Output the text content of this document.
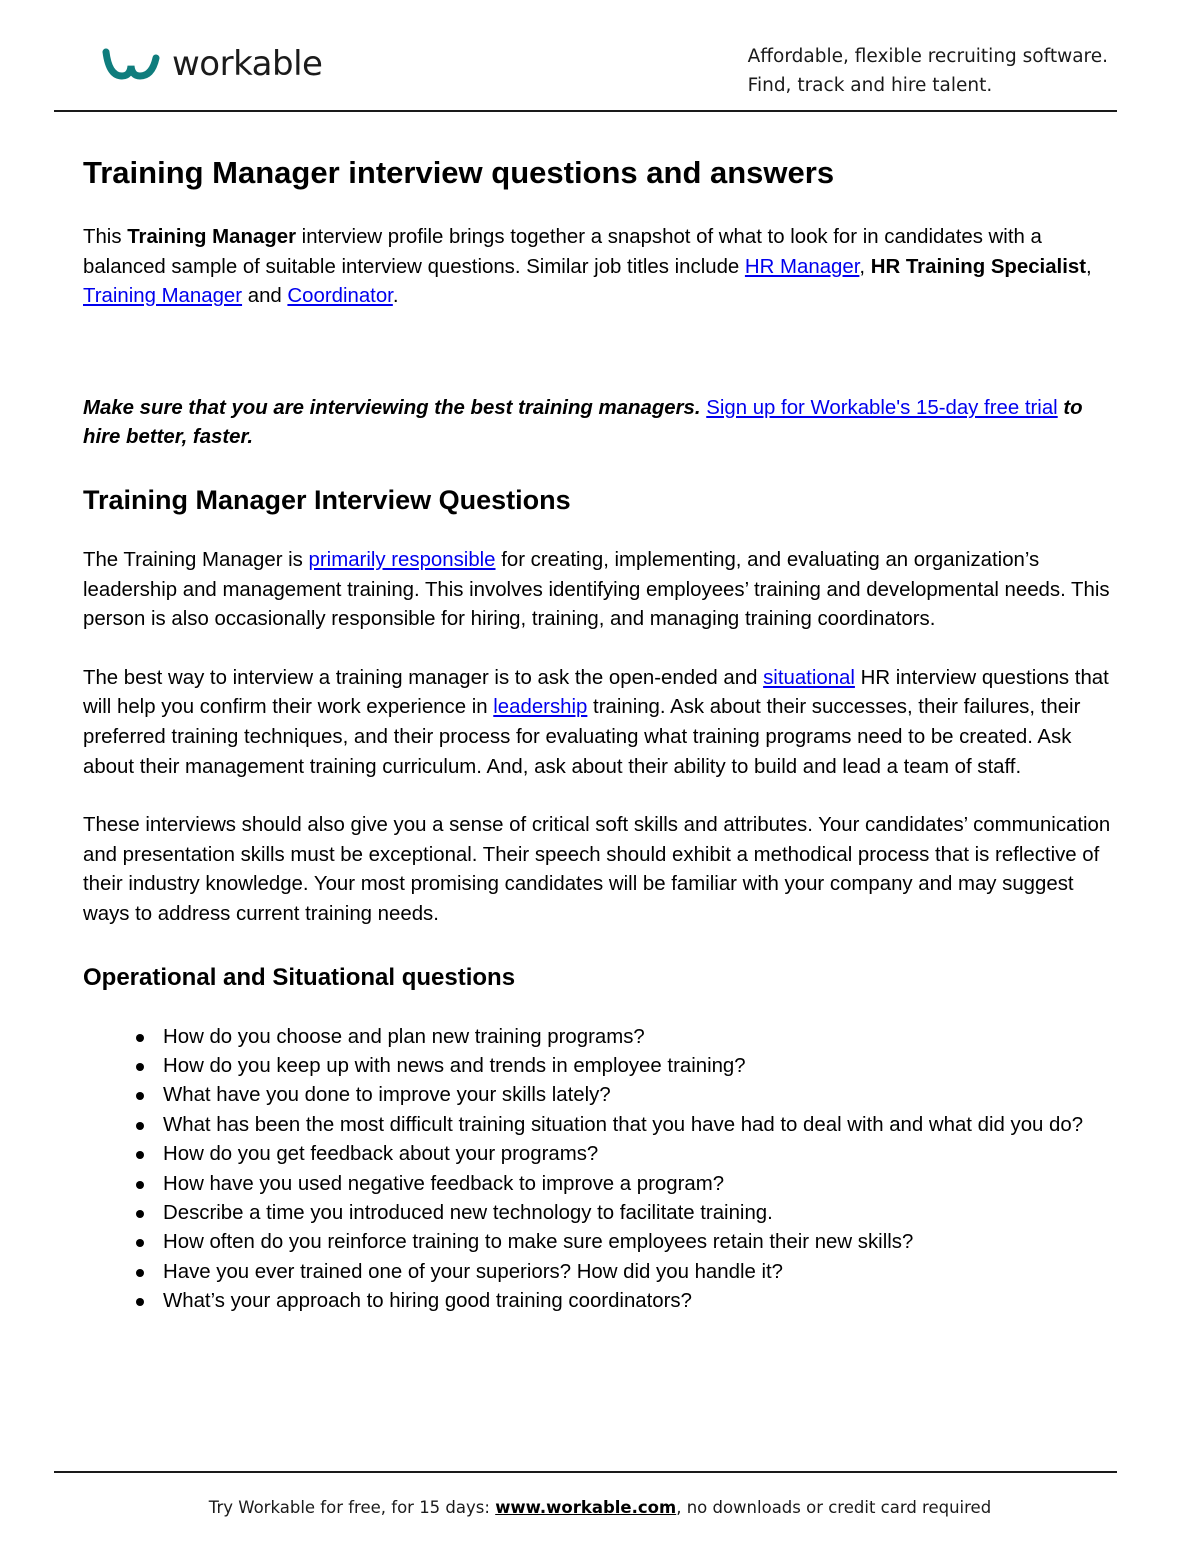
workable	Affordable, flexible recruiting software.
Find, track and hire talent.
Training Manager interview questions and answers

This Training Manager interview profile brings together a snapshot of what to look for in candidates with a balanced sample of suitable interview questions. Similar job titles include HR Manager, HR Training Specialist, Training Manager and Coordinator.

Make sure that you are interviewing the best training managers. Sign up for Workable's 15-day free trial to hire better, faster.

Training Manager Interview Questions

The Training Manager is primarily responsible for creating, implementing, and evaluating an organization’s leadership and management training. This involves identifying employees’ training and developmental needs. This person is also occasionally responsible for hiring, training, and managing training coordinators.

The best way to interview a training manager is to ask the open-ended and situational HR interview questions that will help you confirm their work experience in leadership training. Ask about their successes, their failures, their preferred training techniques, and their process for evaluating what training programs need to be created. Ask about their management training curriculum. And, ask about their ability to build and lead a team of staff.

These interviews should also give you a sense of critical soft skills and attributes. Your candidates’ communication and presentation skills must be exceptional. Their speech should exhibit a methodical process that is reflective of their industry knowledge. Your most promising candidates will be familiar with your company and may suggest ways to address current training needs.

Operational and Situational questions
How do you choose and plan new training programs?
How do you keep up with news and trends in employee training?
What have you done to improve your skills lately?
What has been the most difficult training situation that you have had to deal with and what did you do?
How do you get feedback about your programs?
How have you used negative feedback to improve a program?
Describe a time you introduced new technology to facilitate training.
How often do you reinforce training to make sure employees retain their new skills?
Have you ever trained one of your superiors? How did you handle it?
What’s your approach to hiring good training coordinators?
Try Workable for free, for 15 days: www.workable.com, no downloads or credit card required
